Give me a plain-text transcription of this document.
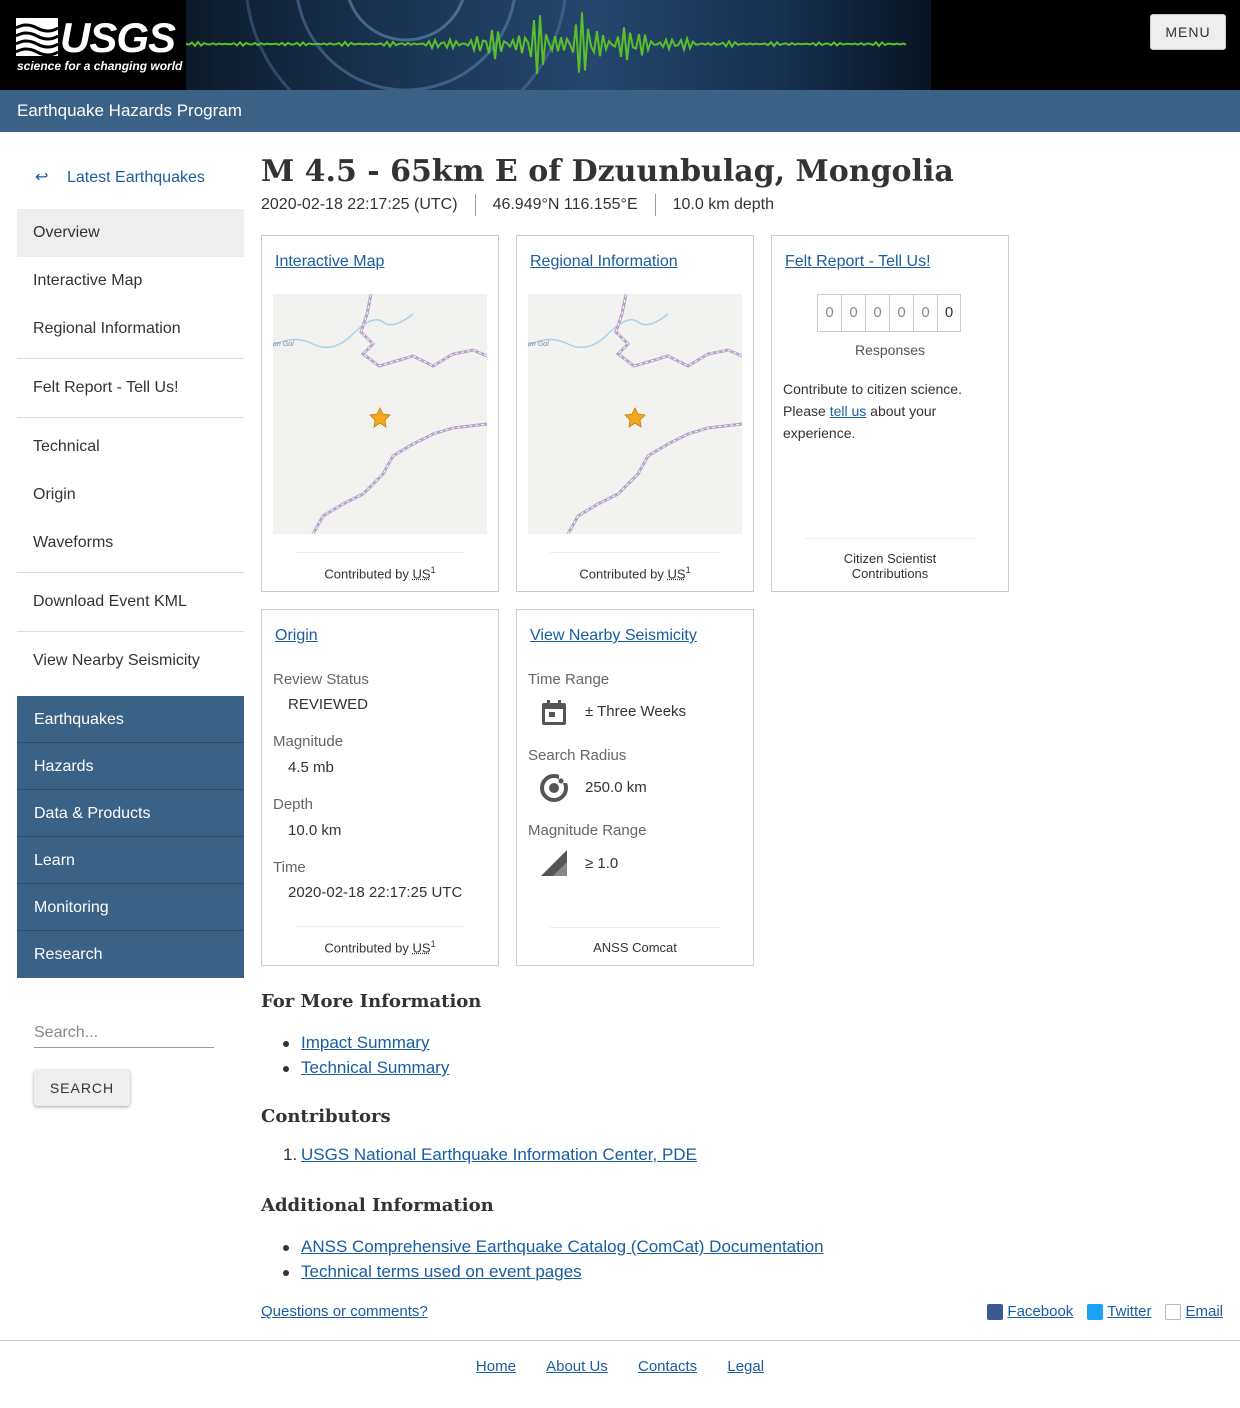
USGS
science for a changing world
MENU
Earthquake Hazards Program
↩ Latest Earthquakes
Overview
Interactive Map
Regional Information
Felt Report - Tell Us!
Technical
Origin
Waveforms
Download Event KML
View Nearby Seismicity
Earthquakes
Hazards
Data & Products
Learn
Monitoring
Research
Search...
SEARCH
M 4.5 - 65km E of Dzuunbulag, Mongolia
2020-02-18 22:17:25 (UTC) 46.949°N 116.155°E 10.0 km depth
Interactive Map
en Gol
Contributed by $US^1$
Regional Information
en Gol
Contributed by $US^1$
Felt Report - Tell Us!
0	0	0	0	0	0
Responses
Contribute to citizen science. Please tell us about your experience.
Citizen Scientist Contributions
Origin
Review Status
REVIEWED
Magnitude
4.5 mb
Depth
10.0 km
Time
2020-02-18 22:17:25 UTC
Contributed by $US^1$
View Nearby Seismicity
Time Range
± Three Weeks
Search Radius
250.0 km
Magnitude Range
≥ 1.0
ANSS Comcat
For More Information
Impact Summary
Technical Summary
Contributors
1. USGS National Earthquake Information Center, PDE
Additional Information
ANSS Comprehensive Earthquake Catalog (ComCat) Documentation
Technical terms used on event pages
Questions or comments?	Facebook Twitter Email
Home About Us Contacts Legal
